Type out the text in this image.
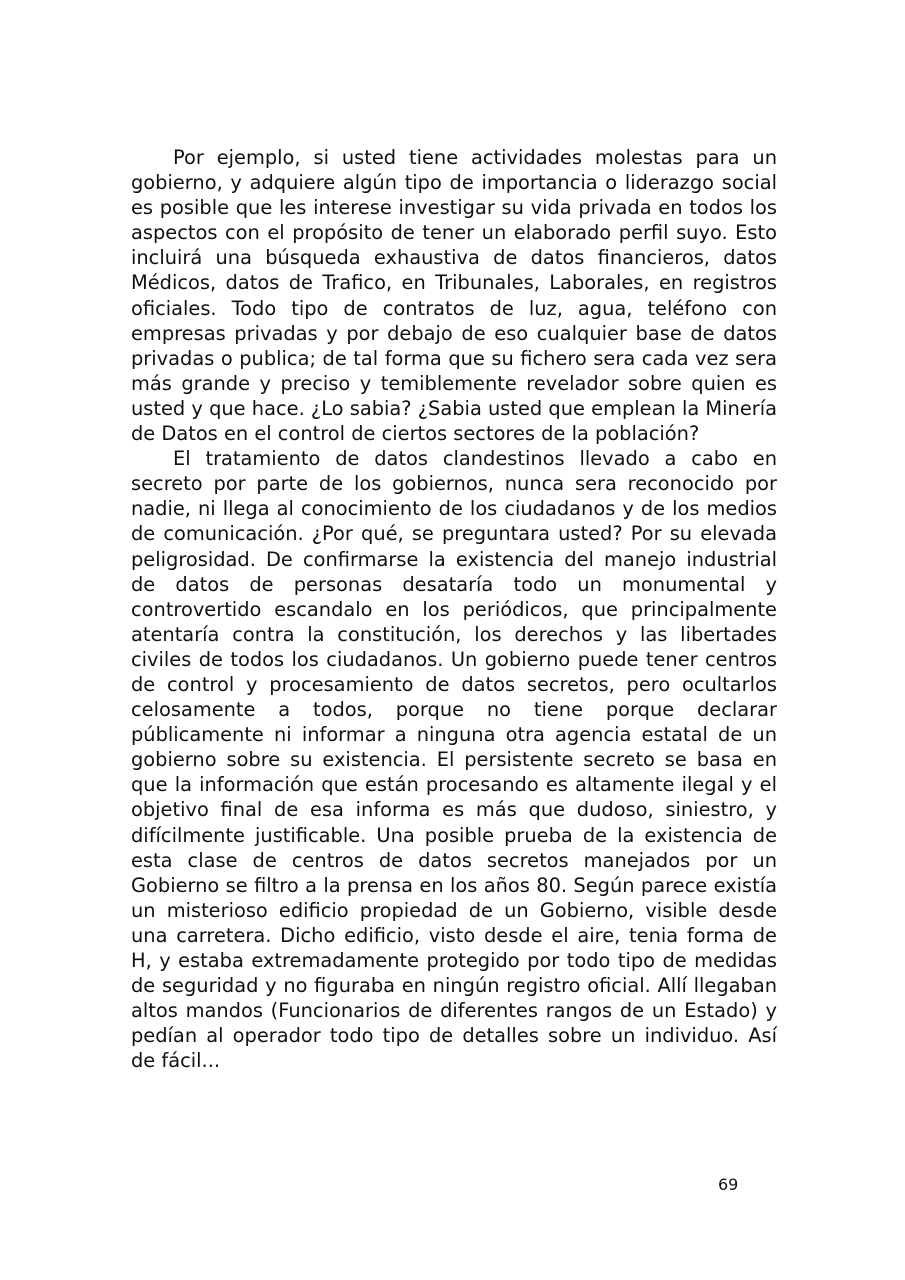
Por ejemplo, si usted tiene actividades molestas para un gobierno, y adquiere algún tipo de importancia o liderazgo social es posible que les interese investigar su vida privada en todos los aspectos con el propósito de tener un elaborado perfil suyo. Esto incluirá una búsqueda exhaustiva de datos financieros, datos Médicos, datos de Trafico, en Tribunales, Laborales, en registros oficiales. Todo tipo de contratos de luz, agua, teléfono con empresas privadas y por debajo de eso cualquier base de datos privadas o publica; de tal forma que su fichero sera cada vez sera más grande y preciso y temiblemente revelador sobre quien es usted y que hace. ¿Lo sabia? ¿Sabia usted que emplean la Minería de Datos en el control de ciertos sectores de la población?

El tratamiento de datos clandestinos llevado a cabo en secreto por parte de los gobiernos, nunca sera reconocido por nadie, ni llega al conocimiento de los ciudadanos y de los medios de comunicación. ¿Por qué, se preguntara usted? Por su elevada peligrosidad. De confirmarse la existencia del manejo industrial de datos de personas desataría todo un monumental y controvertido escandalo en los periódicos, que principalmente atentaría contra la constitución, los derechos y las libertades civiles de todos los ciudadanos. Un gobierno puede tener centros de control y procesamiento de datos secretos, pero ocultarlos celosamente a todos, porque no tiene porque declarar públicamente ni informar a ninguna otra agencia estatal de un gobierno sobre su existencia. El persistente secreto se basa en que la información que están procesando es altamente ilegal y el objetivo final de esa informa es más que dudoso, siniestro, y difícilmente justificable. Una posible prueba de la existencia de esta clase de centros de datos secretos manejados por un Gobierno se filtro a la prensa en los años 80. Según parece existía un misterioso edificio propiedad de un Gobierno, visible desde una carretera. Dicho edificio, visto desde el aire, tenia forma de H, y estaba extremadamente protegido por todo tipo de medidas de seguridad y no figuraba en ningún registro oficial. Allí llegaban altos mandos (Funcionarios de diferentes rangos de un Estado) y pedían al operador todo tipo de detalles sobre un individuo. Así de fácil...

69
